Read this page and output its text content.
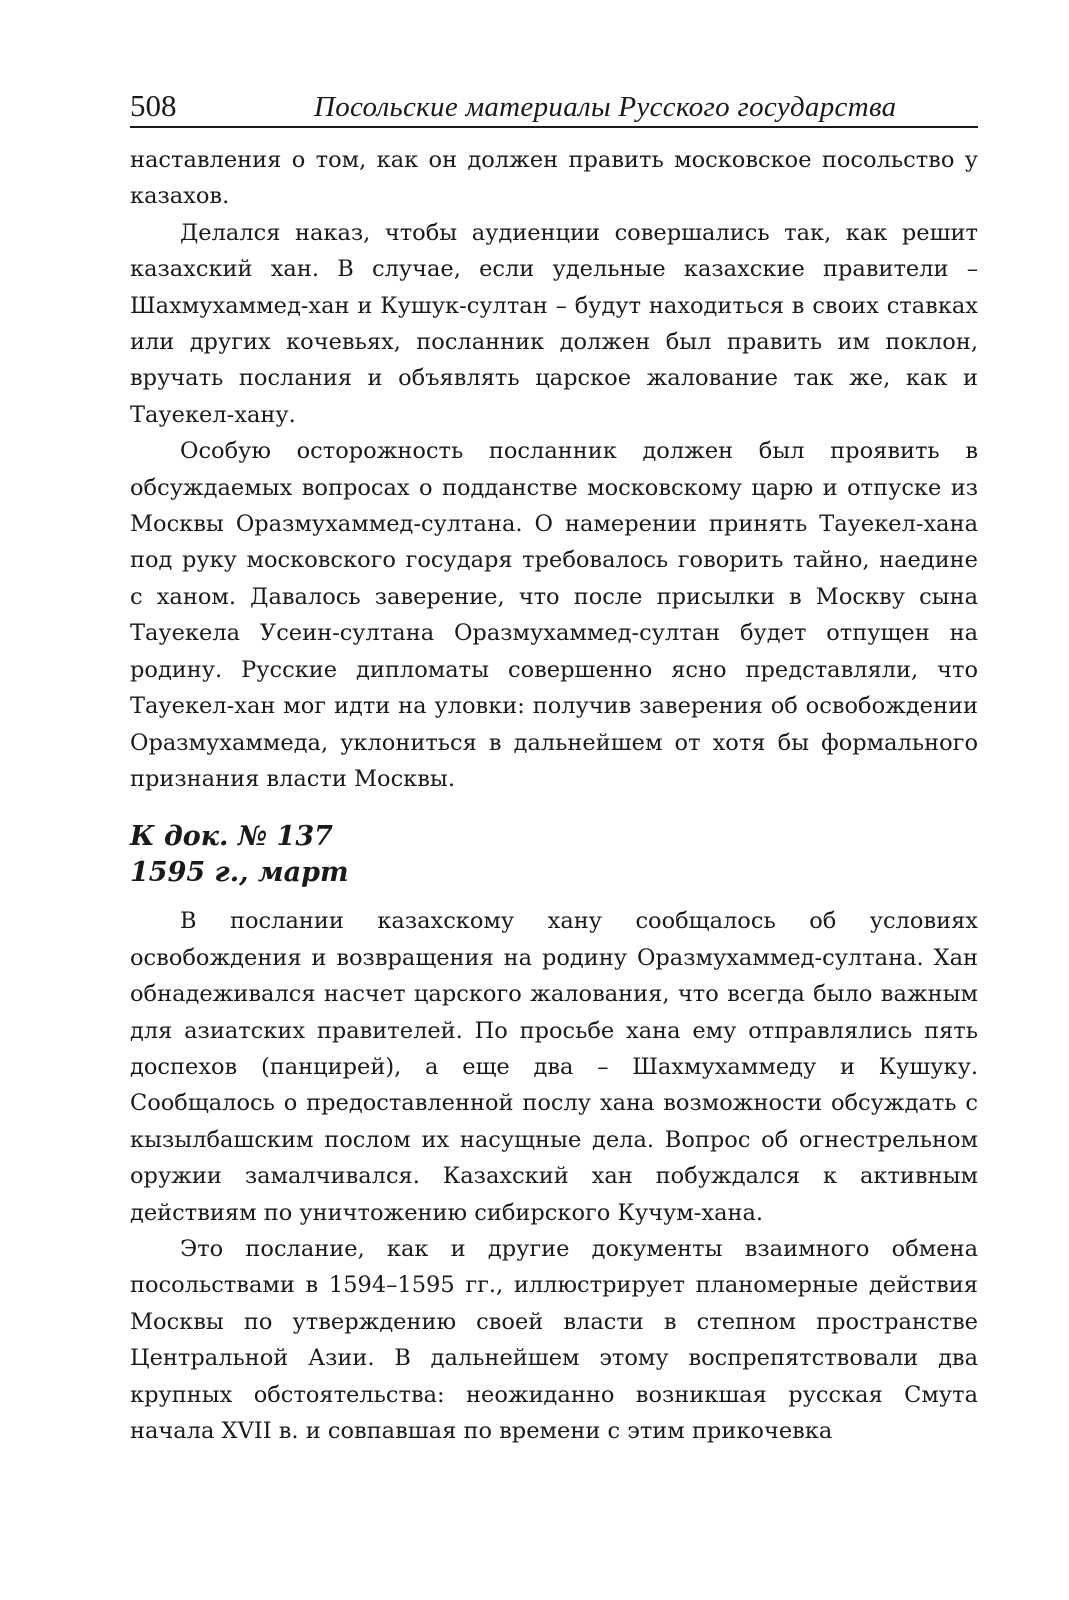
508	Посольские материалы Русского государства

наставления о том, как он должен править московское посольство у казахов.

Делался наказ, чтобы аудиенции совершались так, как решит казахский хан. В случае, если удельные казахские правители – Шахмухаммед-хан и Кушук-султан – будут находиться в своих ставках или других кочевьях, посланник должен был править им поклон, вручать послания и объявлять царское жалование так же, как и Тауекел-хану.

Особую осторожность посланник должен был проявить в обсуждаемых вопросах о подданстве московскому царю и отпуске из Москвы Оразмухаммед-султана. О намерении принять Тауекел-хана под руку московского государя требовалось говорить тайно, наедине с ханом. Давалось заверение, что после присылки в Москву сына Тауекела Усеин-султана Оразмухаммед-султан будет отпущен на родину. Русские дипломаты совершенно ясно представляли, что Тауекел-хан мог идти на уловки: получив заверения об освобождении Оразмухаммеда, уклониться в дальнейшем от хотя бы формального признания власти Москвы.

К док. № 137
1595 г., март

В послании казахскому хану сообщалось об условиях освобождения и возвращения на родину Оразмухаммед-султана. Хан обнадеживался насчет царского жалования, что всегда было важным для азиатских правителей. По просьбе хана ему отправлялись пять доспехов (панцирей), а еще два – Шахмухаммеду и Кушуку. Сообщалось о предоставленной послу хана возможности обсуждать с кызылбашским послом их насущные дела. Вопрос об огнестрельном оружии замалчивался. Казахский хан побуждался к активным действиям по уничтожению сибирского Кучум-хана.

Это послание, как и другие документы взаимного обмена посольствами в 1594–1595 гг., иллюстрирует планомерные действия Москвы по утверждению своей власти в степном пространстве Центральной Азии. В дальнейшем этому воспрепятствовали два крупных обстоятельства: неожиданно возникшая русская Смута начала XVII в. и совпавшая по времени с этим прикочевка
